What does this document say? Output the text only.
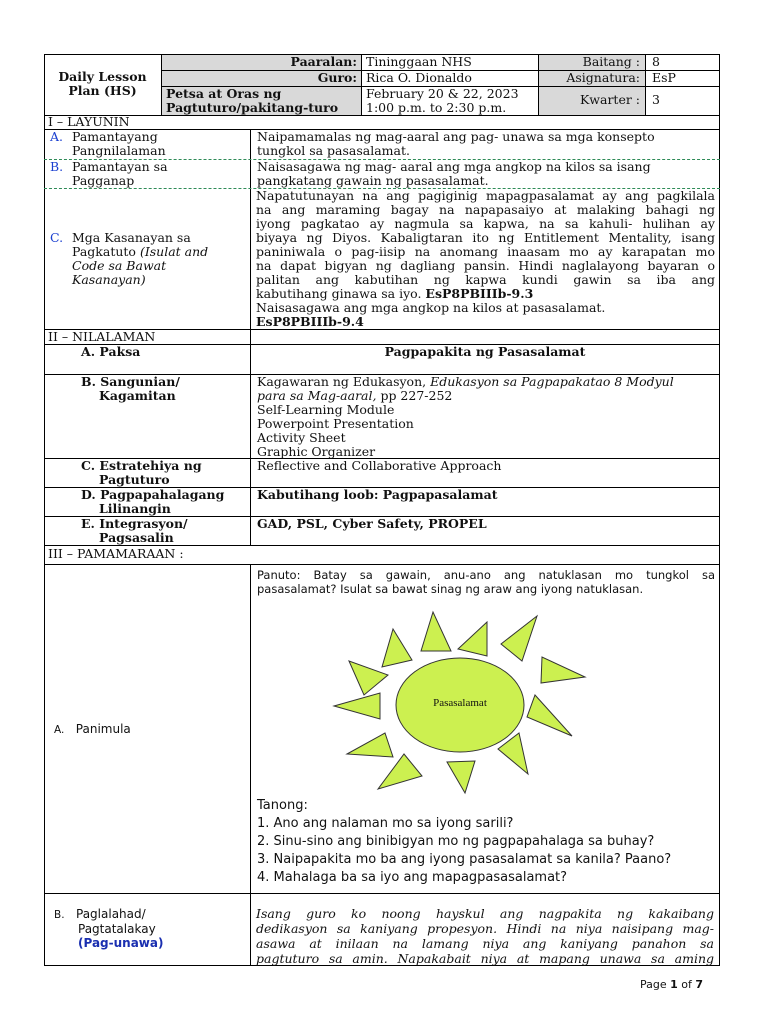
Daily Lesson
Plan (HS)
Paaralan: Tininggaan NHS
Guro: Rica O. Dionaldo
Petsa at Oras ng
Pagtuturo/pakitang-turo
February 20 & 22, 2023
1:00 p.m. to 2:30 p.m.
Baitang : 8
Asignatura: EsP
Kwarter : 3
I – LAYUNIN
A. Pamantayang
Pangnilalaman
Naipamamalas ng mag-aaral ang pag- unawa sa mga konsepto
tungkol sa pasasalamat.
B. Pamantayan sa
Pagganap
Naisasagawa ng mag- aaral ang mga angkop na kilos sa isang
pangkatang gawain ng pasasalamat.
C. Mga Kasanayan sa
Pagkatuto (Isulat and
Code sa Bawat
Kasanayan)
Napatutunayan na ang pagiginig mapagpasalamat ay ang pagkilala
na ang maraming bagay na napapasaiyo at malaking bahagi ng
iyong pagkatao ay nagmula sa kapwa, na sa kahuli- hulihan ay
biyaya ng Diyos. Kabaligtaran ito ng Entitlement Mentality, isang
paniniwala o pag-iisip na anomang inaasam mo ay karapatan mo
na dapat bigyan ng dagliang pansin. Hindi naglalayong bayaran o
palitan ang kabutihan ng kapwa kundi gawin sa iba ang
kabutihang ginawa sa iyo. EsP8PBIIIb-9.3
Naisasagawa ang mga angkop na kilos at pasasalamat.
EsP8PBIIIb-9.4
II – NILALAMAN
A. Paksa	Pagpapakita ng Pasasalamat
B. Sangunian/
Kagamitan
Kagawaran ng Edukasyon, Edukasyon sa Pagpapakatao 8 Modyul
para sa Mag-aaral, pp 227-252
Self-Learning Module
Powerpoint Presentation
Activity Sheet
Graphic Organizer
C. Estratehiya ng
Pagtuturo
Reflective and Collaborative Approach
D. Pagpapahalagang
Lilinangin
Kabutihang loob: Pagpapasalamat
E. Integrasyon/
Pagsasalin
GAD, PSL, Cyber Safety, PROPEL
III – PAMAMARAAN :
A. Panimula
Panuto: Batay sa gawain, anu-ano ang natuklasan mo tungkol sa
pasasalamat? Isulat sa bawat sinag ng araw ang iyong natuklasan.
Pasasalamat
Tanong:
1. Ano ang nalaman mo sa iyong sarili?
2. Sinu-sino ang binibigyan mo ng pagpapahalaga sa buhay?
3. Naipapakita mo ba ang iyong pasasalamat sa kanila? Paano?
4. Mahalaga ba sa iyo ang mapagpasasalamat?
B. Paglalahad/
Pagtatalakay
(Pag-unawa)
Isang guro ko noong hayskul ang nagpakita ng kakaibang
dedikasyon sa kaniyang propesyon. Hindi na niya naisipang mag-
asawa at inilaan na lamang niya ang kaniyang panahon sa
pagtuturo sa amin. Napakabait niya at mapang unawa sa aming
Page 1 of 7
